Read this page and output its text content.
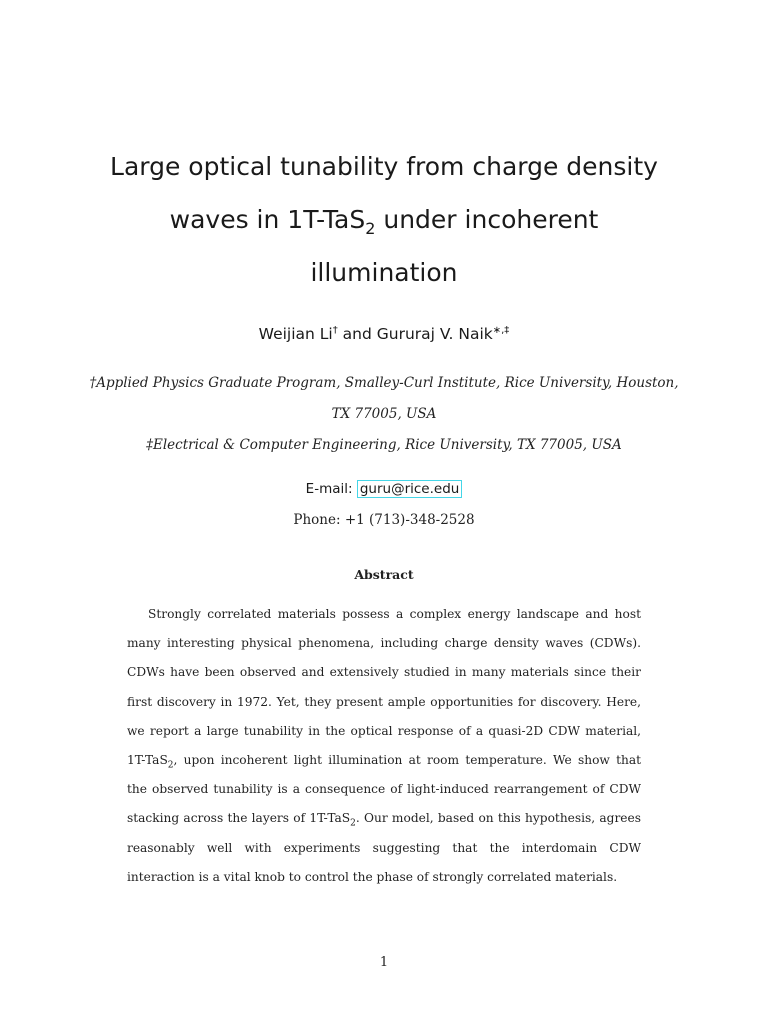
Large optical tunability from charge density
waves in 1T-TaS$_2$ under incoherent
illumination
Weijian Li† and Gururaj V. Naik∗,‡
†Applied Physics Graduate Program, Smalley-Curl Institute, Rice University, Houston, TX 77005, USA
‡Electrical & Computer Engineering, Rice University, TX 77005, USA
E-mail: guru@rice.edu
Phone: +1 (713)-348-2528
Abstract

Strongly correlated materials possess a complex energy landscape and host many interesting physical phenomena, including charge density waves (CDWs). CDWs have been observed and extensively studied in many materials since their first discovery in 1972. Yet, they present ample opportunities for discovery. Here, we report a large tunability in the optical response of a quasi-2D CDW material, 1T-TaS$_2$, upon incoherent light illumination at room temperature. We show that the observed tunability is a consequence of light-induced rearrangement of CDW stacking across the layers of 1T-TaS$_2$. Our model, based on this hypothesis, agrees reasonably well with experiments suggesting that the interdomain CDW interaction is a vital knob to control the phase of strongly correlated materials.

1
